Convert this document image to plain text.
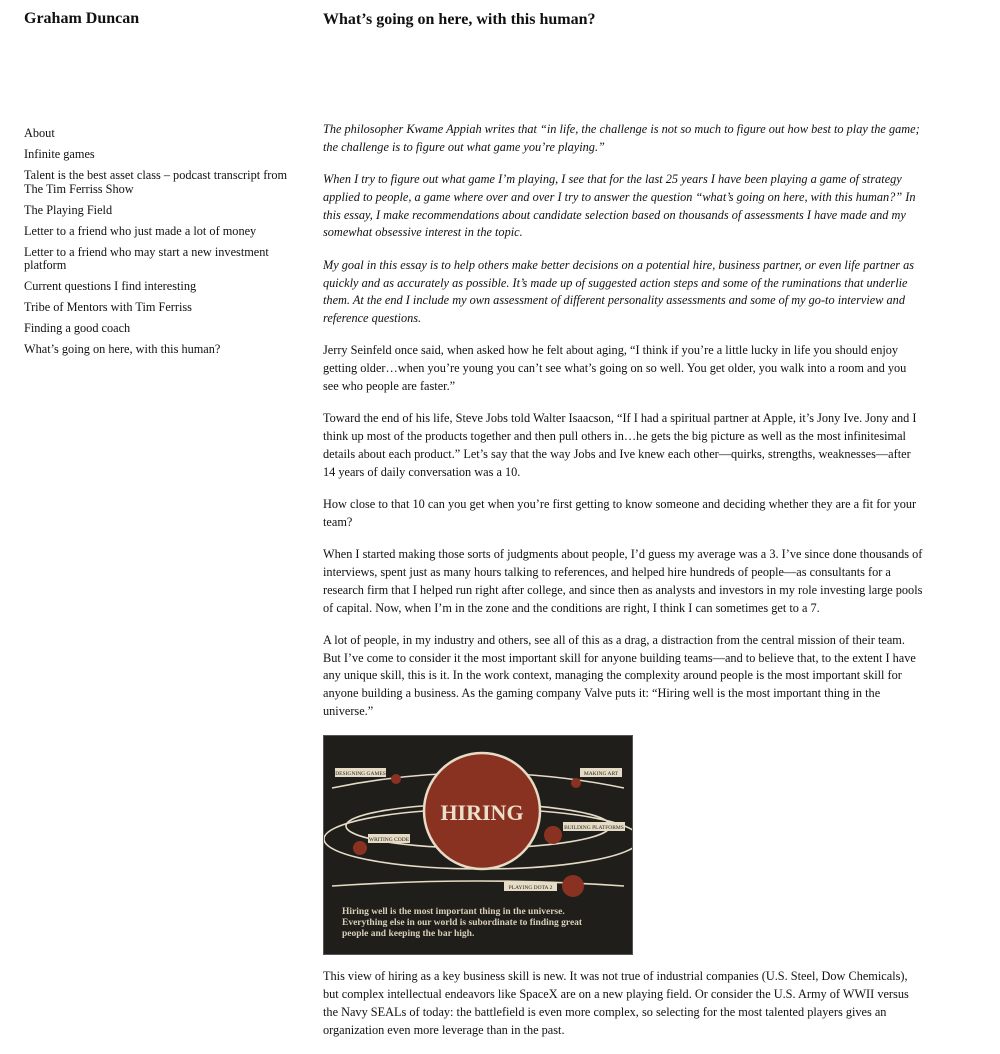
Graham Duncan
About
Infinite games
Talent is the best asset class – podcast transcript from The Tim Ferriss Show
The Playing Field
Letter to a friend who just made a lot of money
Letter to a friend who may start a new investment platform
Current questions I find interesting
Tribe of Mentors with Tim Ferriss
Finding a good coach
What’s going on here, with this human?
What’s going on here, with this human?

The philosopher Kwame Appiah writes that “in life, the challenge is not so much to figure out how best to play the game; the challenge is to figure out what game you’re playing.”

When I try to figure out what game I’m playing, I see that for the last 25 years I have been playing a game of strategy applied to people, a game where over and over I try to answer the question “what’s going on here, with this human?” In this essay, I make recommendations about candidate selection based on thousands of assessments I have made and my somewhat obsessive interest in the topic.

My goal in this essay is to help others make better decisions on a potential hire, business partner, or even life partner as quickly and as accurately as possible. It’s made up of suggested action steps and some of the ruminations that underlie them. At the end I include my own assessment of different personality assessments and some of my go-to interview and reference questions.

Jerry Seinfeld once said, when asked how he felt about aging, “I think if you’re a little lucky in life you should enjoy getting older…when you’re young you can’t see what’s going on so well. You get older, you walk into a room and you see who people are faster.”

Toward the end of his life, Steve Jobs told Walter Isaacson, “If I had a spiritual partner at Apple, it’s Jony Ive. Jony and I think up most of the products together and then pull others in…he gets the big picture as well as the most infinitesimal details about each product.” Let’s say that the way Jobs and Ive knew each other—quirks, strengths, weaknesses—after 14 years of daily conversation was a 10.

How close to that 10 can you get when you’re first getting to know someone and deciding whether they are a fit for your team?

When I started making those sorts of judgments about people, I’d guess my average was a 3. I’ve since done thousands of interviews, spent just as many hours talking to references, and helped hire hundreds of people—as consultants for a research firm that I helped run right after college, and since then as analysts and investors in my role investing large pools of capital. Now, when I’m in the zone and the conditions are right, I think I can sometimes get to a 7.

A lot of people, in my industry and others, see all of this as a drag, a distraction from the central mission of their team. But I’ve come to consider it the most important skill for anyone building teams—and to believe that, to the extent I have any unique skill, this is it. In the work context, managing the complexity around people is the most important skill for anyone building a business. As the gaming company Valve puts it: “Hiring well is the most important thing in the universe.”

HIRING
DESIGNING GAMES	MAKING ART
WRITING CODE
BUILDING PLATFORMS
PLAYING DOTA 2
Hiring well is the most important thing in the universe.
Everything else in our world is subordinate to finding great
people and keeping the bar high.

This view of hiring as a key business skill is new. It was not true of industrial companies (U.S. Steel, Dow Chemicals), but complex intellectual endeavors like SpaceX are on a new playing field. Or consider the U.S. Army of WWII versus the Navy SEALs of today: the battlefield is even more complex, so selecting for the most talented players gives an organization even more leverage than in the past.
